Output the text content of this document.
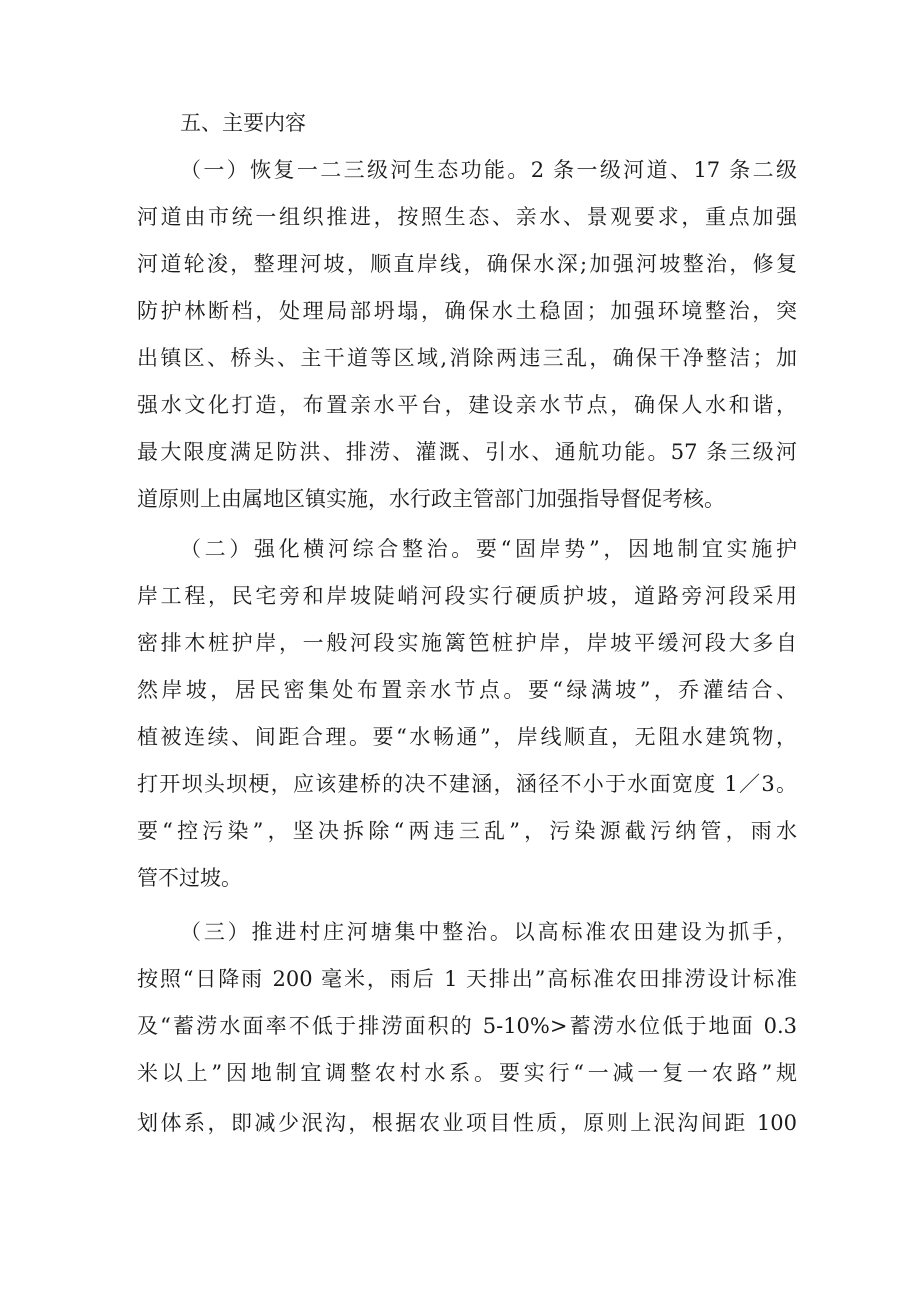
五、主要内容
（一）恢复一二三级河生态功能。2 条一级河道、17 条二级
河道由市统一组织推进，按照生态、亲水、景观要求，重点加强
河道轮浚，整理河坡，顺直岸线，确保水深;加强河坡整治，修复
防护林断档，处理局部坍塌，确保水土稳固；加强环境整治，突
出镇区、桥头、主干道等区域,消除两违三乱，确保干净整洁；加
强水文化打造，布置亲水平台，建设亲水节点，确保人水和谐，
最大限度满足防洪、排涝、灌溉、引水、通航功能。57 条三级河
道原则上由属地区镇实施，水行政主管部门加强指导督促考核。
（二）强化横河综合整治。要“固岸势”，因地制宜实施护
岸工程，民宅旁和岸坡陡峭河段实行硬质护坡，道路旁河段采用
密排木桩护岸，一般河段实施篱笆桩护岸，岸坡平缓河段大多自
然岸坡，居民密集处布置亲水节点。要“绿满坡”，乔灌结合、
植被连续、间距合理。要“水畅通”，岸线顺直，无阻水建筑物，
打开坝头坝梗，应该建桥的决不建涵，涵径不小于水面宽度 1／3。
要“控污染”，坚决拆除“两违三乱”，污染源截污纳管，雨水
管不过坡。
（三）推进村庄河塘集中整治。以高标准农田建设为抓手，
按照“日降雨 200 毫米，雨后 1 天排出”高标准农田排涝设计标准
及“蓄涝水面率不低于排涝面积的 5-10%>蓄涝水位低于地面 0.3
米以上”因地制宜调整农村水系。要实行“一减一复一农路”规
划体系，即减少泯沟，根据农业项目性质，原则上泯沟间距 100
